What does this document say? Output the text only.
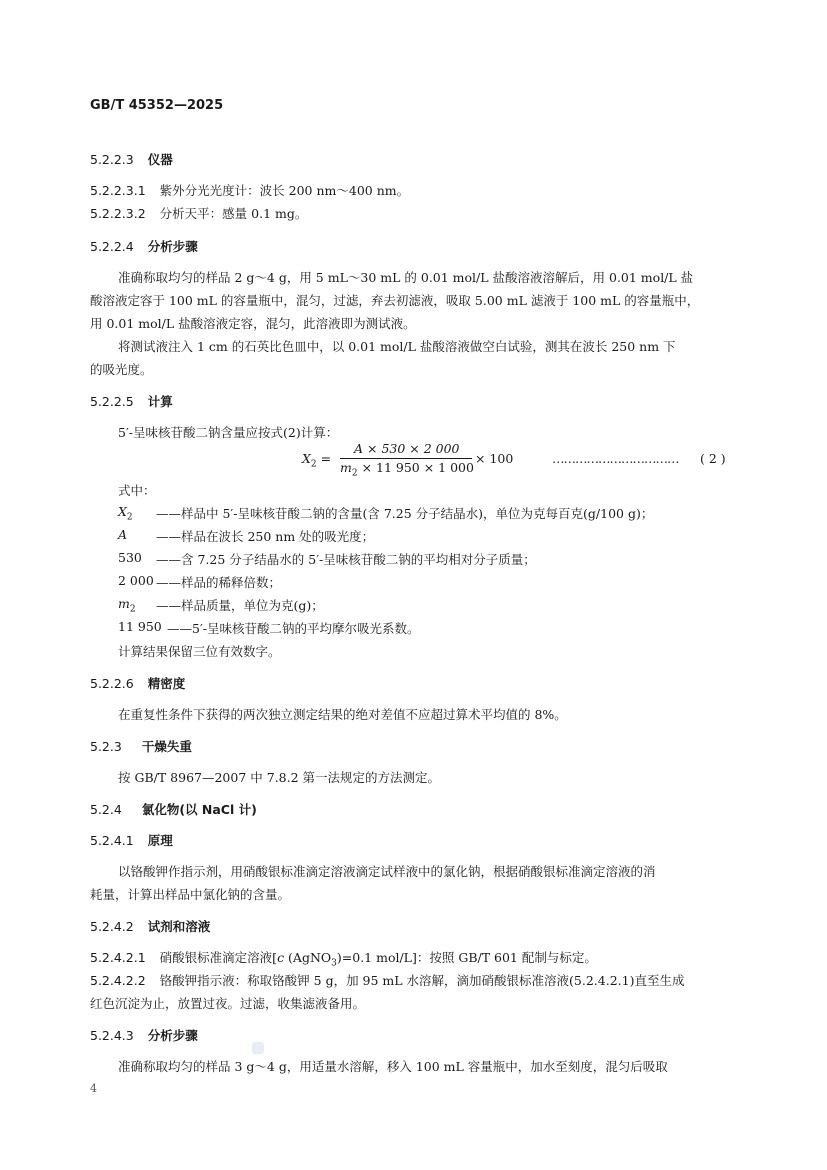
GB/T 45352—2025
5.2.2.3 仪器
5.2.2.3.1 紫外分光光度计：波长 200 nm～400 nm。
5.2.2.3.2 分析天平：感量 0.1 mg。
5.2.2.4 分析步骤
准确称取均匀的样品 2 g～4 g，用 5 mL～30 mL 的 0.01 mol/L 盐酸溶液溶解后，用 0.01 mol/L 盐
酸溶液定容于 100 mL 的容量瓶中，混匀，过滤，弃去初滤液，吸取 5.00 mL 滤液于 100 mL 的容量瓶中，
用 0.01 mol/L 盐酸溶液定容，混匀，此溶液即为测试液。
将测试液注入 1 cm 的石英比色皿中，以 0.01 mol/L 盐酸溶液做空白试验，测其在波长 250 nm 下
的吸光度。
5.2.2.5 计算
5′-呈味核苷酸二钠含量应按式(2)计算：
$X_2$ =
A × 530 × 2 000
$m_2 \times 11$ 950 × 1 000
× 100	…………………………… ( 2 )
式中：
$X_2$ ——样品中 5′-呈味核苷酸二钠的含量(含 7.25 分子结晶水)，单位为克每百克(g/100 g)；
A ——样品在波长 250 nm 处的吸光度；
530 ——含 7.25 分子结晶水的 5′-呈味核苷酸二钠的平均相对分子质量；
2 000 ——样品的稀释倍数；
$m_2$ ——样品质量，单位为克(g)；
11 950 ——5′-呈味核苷酸二钠的平均摩尔吸光系数。
计算结果保留三位有效数字。
5.2.2.6 精密度
在重复性条件下获得的两次独立测定结果的绝对差值不应超过算术平均值的 8%。
5.2.3 干燥失重
按 GB/T 8967—2007 中 7.8.2 第一法规定的方法测定。
5.2.4 氯化物(以 NaCl 计)
5.2.4.1 原理
以铬酸钾作指示剂，用硝酸银标准滴定溶液滴定试样液中的氯化钠，根据硝酸银标准滴定溶液的消
耗量，计算出样品中氯化钠的含量。
5.2.4.2 试剂和溶液
5.2.4.2.1 硝酸银标准滴定溶液[c (AgNO$_3$)=0.1 mol/L]：按照 GB/T 601 配制与标定。
5.2.4.2.2 铬酸钾指示液：称取铬酸钾 5 g，加 95 mL 水溶解，滴加硝酸银标准溶液(5.2.4.2.1)直至生成
红色沉淀为止，放置过夜。过滤，收集滤液备用。
5.2.4.3 分析步骤
准确称取均匀的样品 3 g～4 g，用适量水溶解，移入 100 mL 容量瓶中，加水至刻度，混匀后吸取
4
